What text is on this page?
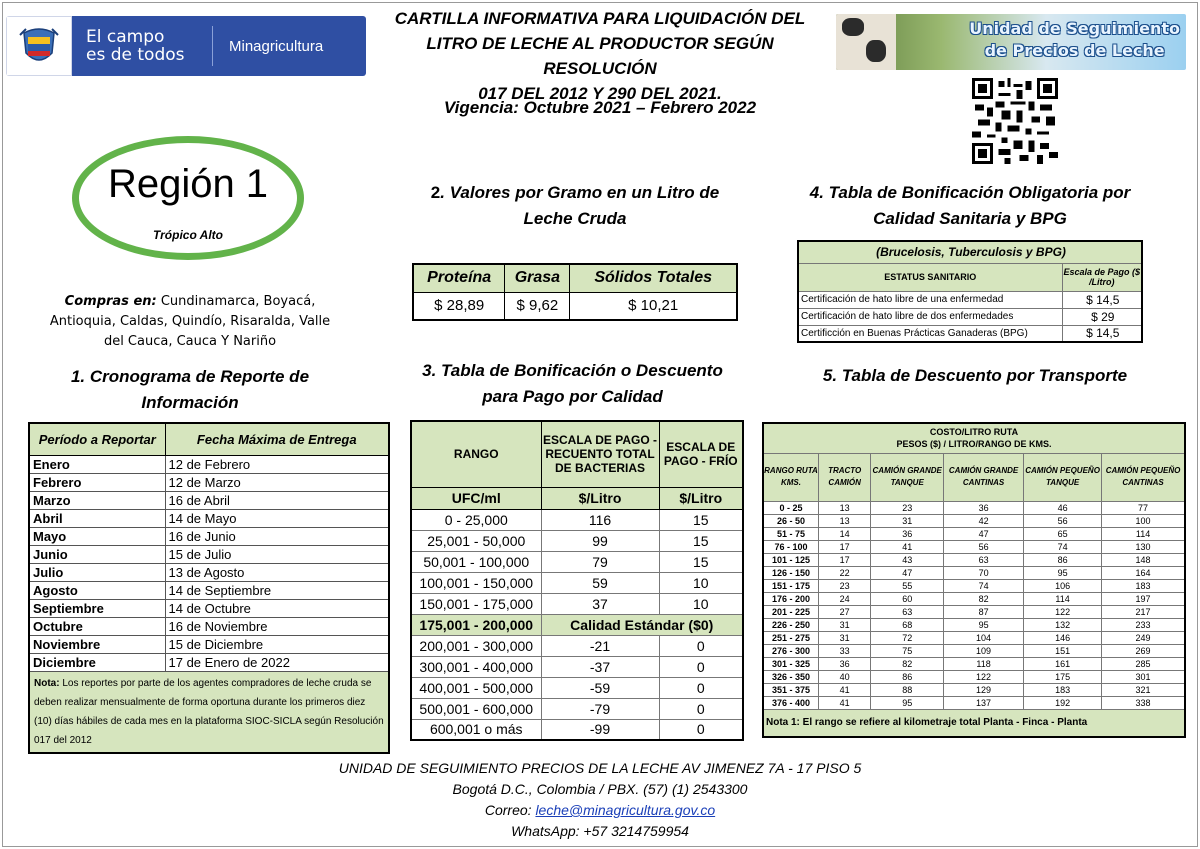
El campo
es de todos	Minagricultura
CARTILLA INFORMATIVA PARA LIQUIDACIÓN DEL
LITRO DE LECHE AL PRODUCTOR SEGÚN RESOLUCIÓN
017 DEL 2012 Y 290 DEL 2021.
Vigencia: Octubre 2021 – Febrero 2022
Unidad de Seguimiento
de Precios de Leche
Región 1
Trópico Alto
Compras en: Cundinamarca, Boyacá, Antioquia, Caldas, Quindío, Risaralda, Valle del Cauca, Cauca Y Nariño
1. Cronograma de Reporte de Información
Período a Reportar	Fecha Máxima de Entrega
Enero	12 de Febrero
Febrero	12 de Marzo
Marzo	16 de Abril
Abril	14 de Mayo
Mayo	16 de Junio
Junio	15 de Julio
Julio	13 de Agosto
Agosto	14 de Septiembre
Septiembre	14 de Octubre
Octubre	16 de Noviembre
Noviembre	15 de Diciembre
Diciembre	17 de Enero de 2022
Nota: Los reportes por parte de los agentes compradores de leche cruda se deben realizar mensualmente de forma oportuna durante los primeros diez (10) días hábiles de cada mes en la plataforma SIOC-SICLA según Resolución 017 del 2012	
2. Valores por Gramo en un Litro de Leche Cruda
Proteína	Grasa	Sólidos Totales
$ 28,89	$ 9,62	$ 10,21
3. Tabla de Bonificación o Descuento para Pago por Calidad
RANGO	ESCALA DE PAGO - RECUENTO TOTAL DE BACTERIAS	ESCALA DE PAGO - FRÍO
UFC/ml	$/Litro	$/Litro
0 - 25,000	116	15
25,001 - 50,000	99	15
50,001 - 100,000	79	15
100,001 - 150,000	59	10
150,001 - 175,000	37	10
175,001 - 200,000	Calidad Estándar ($0)	
200,001 - 300,000	-21	0
300,001 - 400,000	-37	0
400,001 - 500,000	-59	0
500,001 - 600,000	-79	0
600,001 o más	-99	0
4. Tabla de Bonificación Obligatoria por Calidad Sanitaria y BPG
(Brucelosis, Tuberculosis y BPG)	
ESTATUS SANITARIO	Escala de Pago ($ /Litro)
Certificación de hato libre de una enfermedad	$ 14,5
Certificación de hato libre de dos enfermedades	$ 29
Certificción en Buenas Prácticas Ganaderas (BPG)	$ 14,5
5. Tabla de Descuento por Transporte
COSTO/LITRO RUTA
PESOS ($) / LITRO/RANGO DE KMS.					

RANGO RUTA KMS.	TRACTO CAMIÓN	CAMIÓN GRANDE TANQUE	CAMIÓN GRANDE CANTINAS	CAMIÓN PEQUEÑO TANQUE	CAMIÓN PEQUEÑO CANTINAS
0 - 25	13	23	36	46	77
26 - 50	13	31	42	56	100
51 - 75	14	36	47	65	114
76 - 100	17	41	56	74	130
101 - 125	17	43	63	86	148
126 - 150	22	47	70	95	164
151 - 175	23	55	74	106	183
176 - 200	24	60	82	114	197
201 - 225	27	63	87	122	217
226 - 250	31	68	95	132	233
251 - 275	31	72	104	146	249
276 - 300	33	75	109	151	269
301 - 325	36	82	118	161	285
326 - 350	40	86	122	175	301
351 - 375	41	88	129	183	321
376 - 400	41	95	137	192	338
Nota 1: El rango se refiere al kilometraje total Planta - Finca - Planta					
UNIDAD DE SEGUIMIENTO PRECIOS DE LA LECHE AV JIMENEZ 7A - 17 PISO 5
Bogotá D.C., Colombia / PBX. (57) (1) 2543300
Correo: leche@minagricultura.gov.co
WhatsApp: +57 3214759954
